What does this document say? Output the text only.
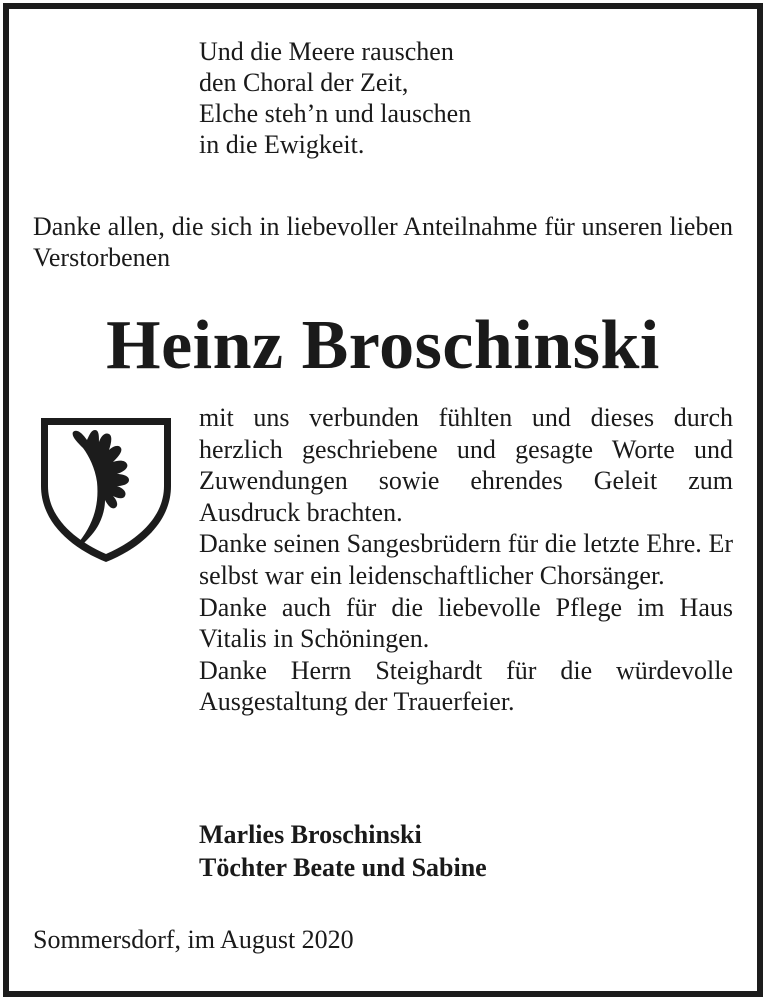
Und die Meere rauschen
den Choral der Zeit,
Elche steh’n und lauschen
in die Ewigkeit.
Danke allen, die sich in liebevoller Anteilnahme für unseren lieben Verstorbenen
Heinz Broschinski

mit uns verbunden fühlten und dieses durch herzlich geschriebene und gesagte Worte und Zuwendungen sowie ehrendes Geleit zum Ausdruck brachten.

Danke seinen Sangesbrüdern für die letzte Ehre. Er selbst war ein leidenschaftlicher Chorsänger.

Danke auch für die liebevolle Pflege im Haus Vitalis in Schöningen.

Danke Herrn Steighardt für die würdevolle Ausgestaltung der Trauerfeier.

Marlies Broschinski
Töchter Beate und Sabine
Sommersdorf, im August 2020
